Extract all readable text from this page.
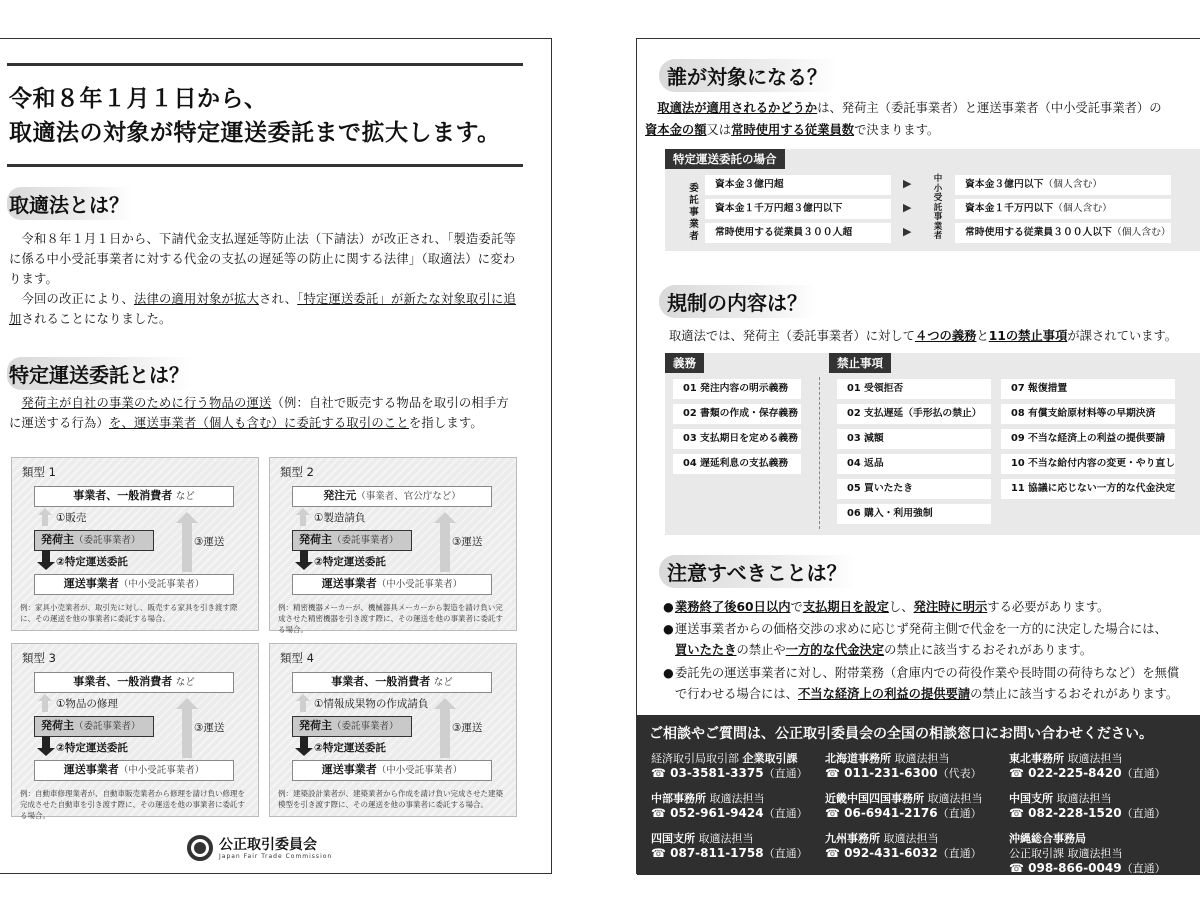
令和８年１月１日から、
取適法の対象が特定運送委託まで拡大します。
取適法とは？
　令和８年１月１日から、下請代金支払遅延等防止法（下請法）が改正され、「製造委託等に係る中小受託事業者に対する代金の支払の遅延等の防止に関する法律」（取適法）に変わります。
　今回の改正により、法律の適用対象が拡大され、「特定運送委託」が新たな対象取引に追加されることになりました。
特定運送委託とは？
　発荷主が自社の事業のために行う物品の運送（例：自社で販売する物品を取引の相手方に運送する行為）を、運送事業者（個人も含む）に委託する取引のことを指します。
類型 1
事業者、一般消費者 など
①販売
発荷主（委託事業者）
②特定運送委託
③運送
運送事業者（中小受託事業者）
例：家具小売業者が、取引先に対し、販売する家具を引き渡す際に、その運送を他の事業者に委託する場合。
類型 2
発注元（事業者、官公庁など）
①製造請負
発荷主（委託事業者）
②特定運送委託
③運送
運送事業者（中小受託事業者）
例：精密機器メーカーが、機械器具メーカーから製造を請け負い完成させた精密機器を引き渡す際に、その運送を他の事業者に委託する場合。
類型 3
事業者、一般消費者 など
①物品の修理
発荷主（委託事業者）
②特定運送委託
③運送
運送事業者（中小受託事業者）
例：自動車修理業者が、自動車販売業者から修理を請け負い修理を完成させた自動車を引き渡す際に、その運送を他の事業者に委託する場合。
類型 4
事業者、一般消費者 など
①情報成果物の作成請負
発荷主（委託事業者）
②特定運送委託
③運送
運送事業者（中小受託事業者）
例：建築設計業者が、建築業者から作成を請け負い完成させた建築模型を引き渡す際に、その運送を他の事業者に委託する場合。
公正取引委員会
Japan Fair Trade Commission
誰が対象になる？
　取適法が適用されるかどうかは、発荷主（委託事業者）と運送事業者（中小受託事業者）の
資本金の額又は常時使用する従業員数で決まります。
特定運送委託の場合
委
託
事
業
者
資本金３億円超
資本金１千万円超３億円以下
常時使用する従業員３００人超
▶
▶
▶
中
小
受
託
事
業
者
資本金３億円以下（個人含む）
資本金１千万円以下（個人含む）
常時使用する従業員３００人以下（個人含む）
規制の内容は？
取適法では、発荷主（委託事業者）に対して４つの義務と11の禁止事項が課されています。
義務	禁止事項
01 発注内容の明示義務
02 書類の作成・保存義務
03 支払期日を定める義務
04 遅延利息の支払義務
01 受領拒否
02 支払遅延（手形払の禁止）
03 減額
04 返品
05 買いたたき
06 購入・利用強制
07 報復措置
08 有償支給原材料等の早期決済
09 不当な経済上の利益の提供要請
10 不当な給付内容の変更・やり直し
11 協議に応じない一方的な代金決定
注意すべきことは？
●業務終了後60日以内で支払期日を設定し、発注時に明示する必要があります。
●運送事業者からの価格交渉の求めに応じず発荷主側で代金を一方的に決定した場合には、
買いたたきの禁止や一方的な代金決定の禁止に該当するおそれがあります。
●委託先の運送事業者に対し、附帯業務（倉庫内での荷役作業や長時間の荷待ちなど）を無償
で行わせる場合には、不当な経済上の利益の提供要請の禁止に該当するおそれがあります。
ご相談やご質問は、公正取引委員会の全国の相談窓口にお問い合わせください。
経済取引局取引部 企業取引課
☎ 03-3581-3375（直通）
北海道事務所 取適法担当
☎ 011-231-6300（代表）
東北事務所 取適法担当
☎ 022-225-8420（直通）
中部事務所 取適法担当
☎ 052-961-9424（直通）
近畿中国四国事務所 取適法担当
☎ 06-6941-2176（直通）
中国支所 取適法担当
☎ 082-228-1520（直通）
四国支所 取適法担当
☎ 087-811-1758（直通）
九州事務所 取適法担当
☎ 092-431-6032（直通）
沖縄総合事務局
公正取引課 取適法担当
☎ 098-866-0049（直通）
